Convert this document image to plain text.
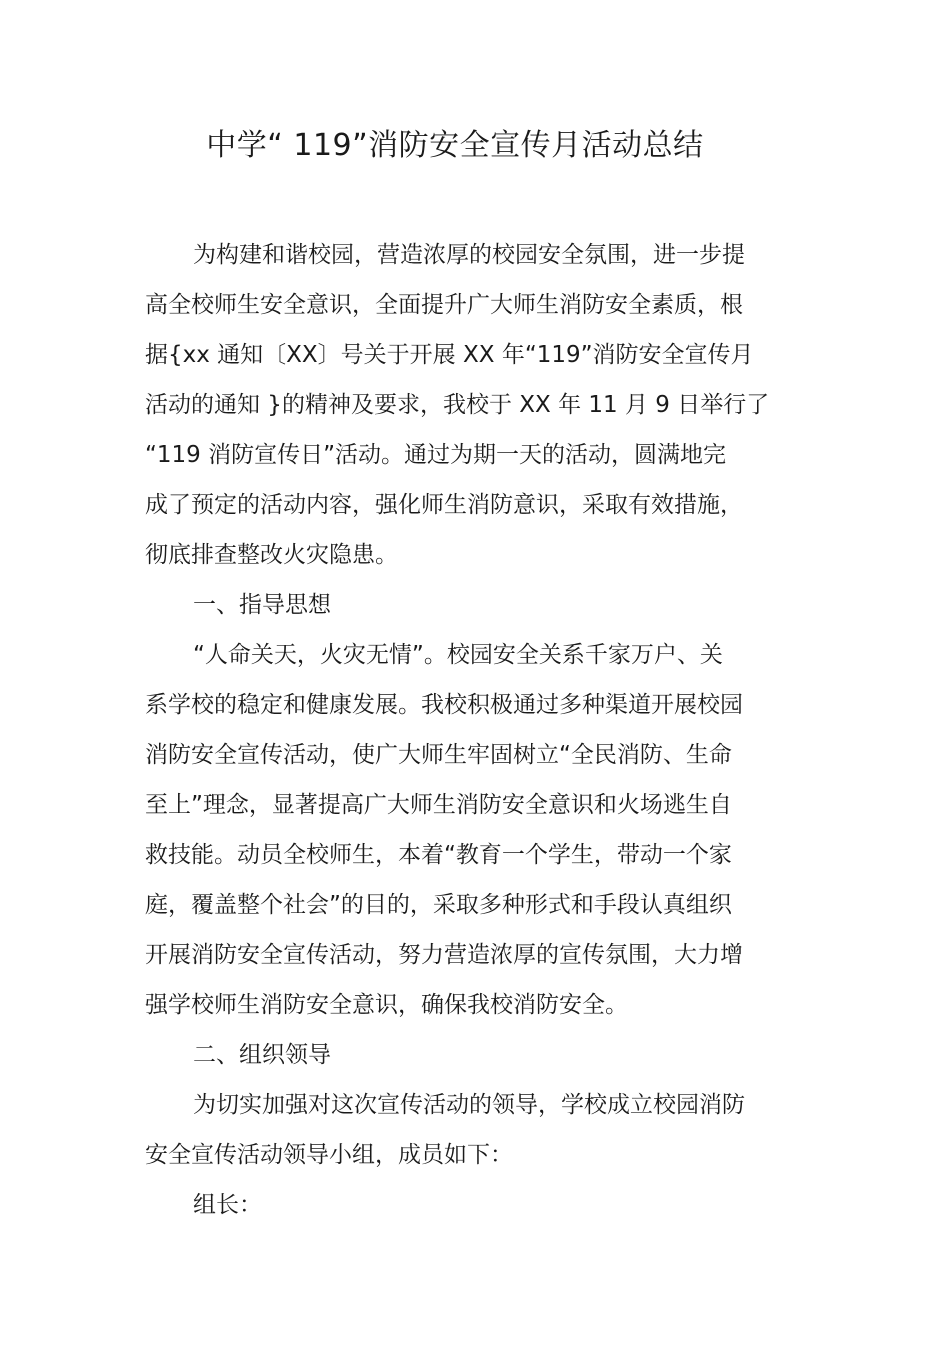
中学“ 119”消防安全宣传月活动总结
为构建和谐校园，营造浓厚的校园安全氛围，进一步提
高全校师生安全意识，全面提升广大师生消防安全素质，根
据{xx 通知〔XX〕号关于开展 XX 年“119”消防安全宣传月
活动的通知 }的精神及要求，我校于 XX 年 11 月 9 日举行了
“119 消防宣传日”活动。通过为期一天的活动，圆满地完
成了预定的活动内容，强化师生消防意识，采取有效措施，
彻底排查整改火灾隐患。
一、指导思想
“人命关天，火灾无情”。校园安全关系千家万户、关
系学校的稳定和健康发展。我校积极通过多种渠道开展校园
消防安全宣传活动，使广大师生牢固树立“全民消防、生命
至上”理念，显著提高广大师生消防安全意识和火场逃生自
救技能。动员全校师生，本着“教育一个学生，带动一个家
庭，覆盖整个社会”的目的，采取多种形式和手段认真组织
开展消防安全宣传活动，努力营造浓厚的宣传氛围，大力增
强学校师生消防安全意识，确保我校消防安全。
二、组织领导
为切实加强对这次宣传活动的领导，学校成立校园消防
安全宣传活动领导小组，成员如下：
组长：
